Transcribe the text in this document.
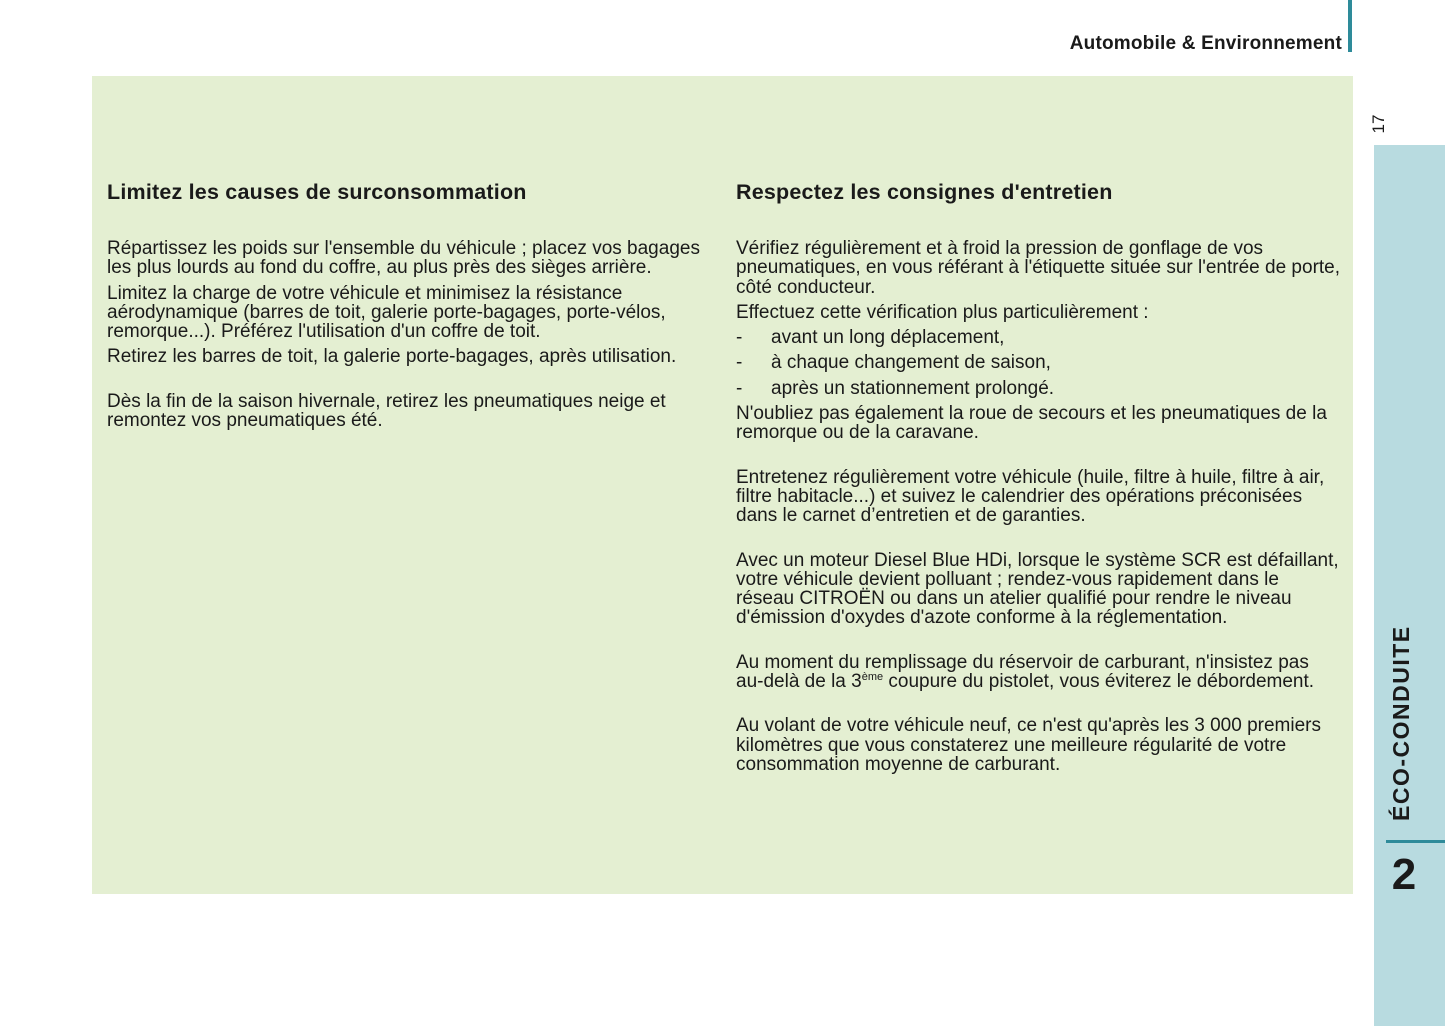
Automobile & Environnement
17
ÉCO-CONDUITE
2
Limitez les causes de surconsommation

Répartissez les poids sur l'ensemble du véhicule ; placez vos bagages les plus lourds au fond du coffre, au plus près des sièges arrière.

Limitez la charge de votre véhicule et minimisez la résistance aérodynamique (barres de toit, galerie porte-bagages, porte-vélos, remorque...). Préférez l'utilisation d'un coffre de toit.

Retirez les barres de toit, la galerie porte-bagages, après utilisation.

Dès la fin de la saison hivernale, retirez les pneumatiques neige et remontez vos pneumatiques été.

Respectez les consignes d'entretien

Vérifiez régulièrement et à froid la pression de gonflage de vos pneumatiques, en vous référant à l'étiquette située sur l'entrée de porte, côté conducteur.

Effectuez cette vérification plus particulièrement :

-	avant un long déplacement,
-	à chaque changement de saison,
-	après un stationnement prolongé.

N'oubliez pas également la roue de secours et les pneumatiques de la remorque ou de la caravane.

Entretenez régulièrement votre véhicule (huile, filtre à huile, filtre à air, filtre habitacle...) et suivez le calendrier des opérations préconisées dans le carnet d’entretien et de garanties.

Avec un moteur Diesel Blue HDi, lorsque le système SCR est défaillant, votre véhicule devient polluant ; rendez-vous rapidement dans le réseau CITROËN ou dans un atelier qualifié pour rendre le niveau d'émission d'oxydes d'azote conforme à la réglementation.

Au moment du remplissage du réservoir de carburant, n'insistez pas au-delà de la 3ème coupure du pistolet, vous éviterez le débordement.

Au volant de votre véhicule neuf, ce n'est qu'après les 3 000 premiers kilomètres que vous constaterez une meilleure régularité de votre consommation moyenne de carburant.
